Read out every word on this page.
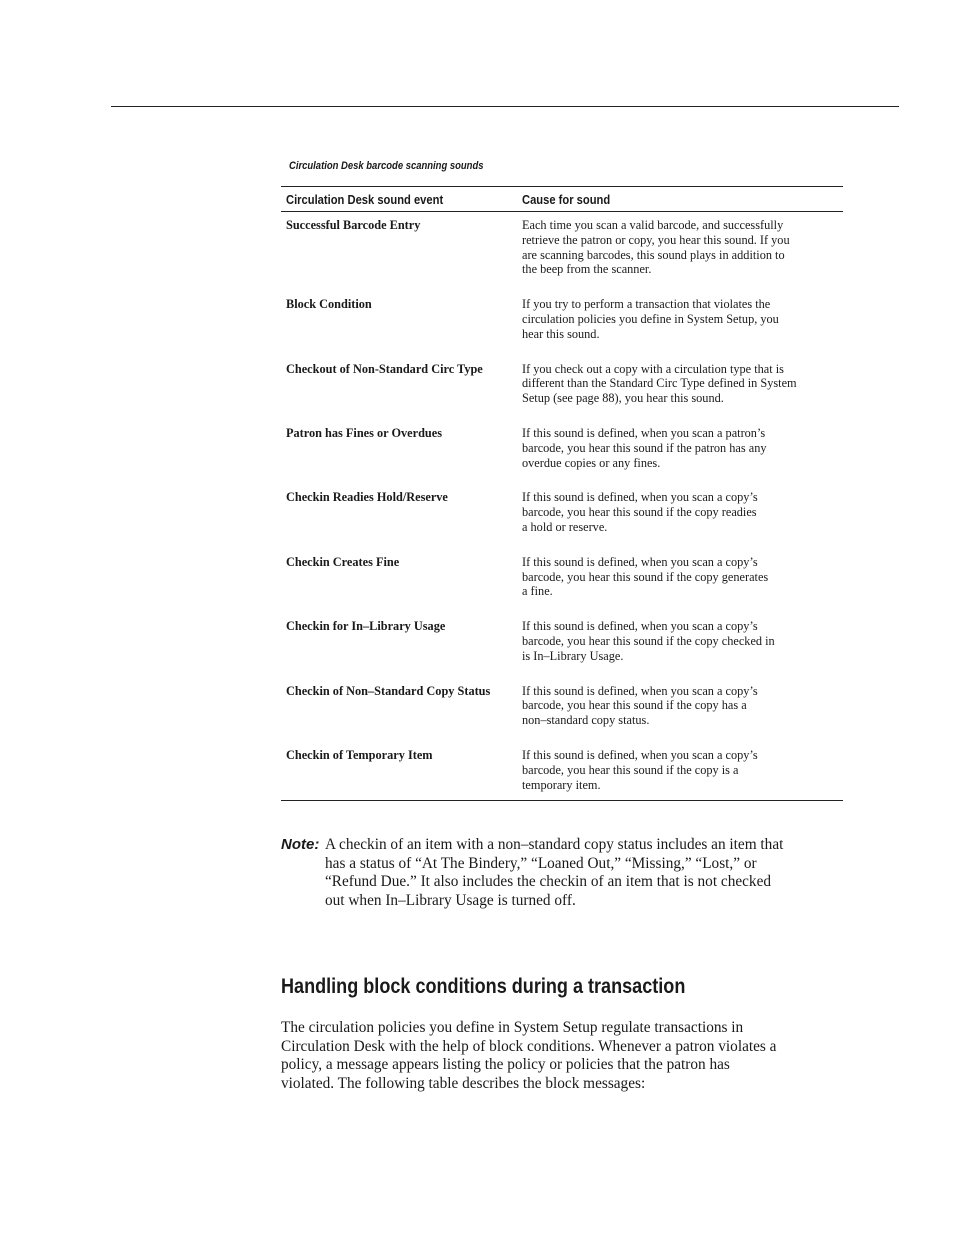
Circulation Desk barcode scanning sounds
Circulation Desk sound event	Cause for sound
Successful Barcode Entry	Each time you scan a valid barcode, and successfully
retrieve the patron or copy, you hear this sound. If you
are scanning barcodes, this sound plays in addition to
the beep from the scanner.
Block Condition	If you try to perform a transaction that violates the
circulation policies you define in System Setup, you
hear this sound.
Checkout of Non-Standard Circ Type	If you check out a copy with a circulation type that is
different than the Standard Circ Type defined in System
Setup (see page 88), you hear this sound.
Patron has Fines or Overdues	If this sound is defined, when you scan a patron’s
barcode, you hear this sound if the patron has any
overdue copies or any fines.
Checkin Readies Hold/Reserve	If this sound is defined, when you scan a copy’s
barcode, you hear this sound if the copy readies
a hold or reserve.
Checkin Creates Fine	If this sound is defined, when you scan a copy’s
barcode, you hear this sound if the copy generates
a fine.
Checkin for In–Library Usage	If this sound is defined, when you scan a copy’s
barcode, you hear this sound if the copy checked in
is In–Library Usage.
Checkin of Non–Standard Copy Status	If this sound is defined, when you scan a copy’s
barcode, you hear this sound if the copy has a
non–standard copy status.
Checkin of Temporary Item	If this sound is defined, when you scan a copy’s
barcode, you hear this sound if the copy is a
temporary item.
Note: A checkin of an item with a non–standard copy status includes an item that
has a status of “At The Bindery,” “Loaned Out,” “Missing,” “Lost,” or
“Refund Due.” It also includes the checkin of an item that is not checked
out when In–Library Usage is turned off.
Handling block conditions during a transaction

The circulation policies you define in System Setup regulate transactions in
Circulation Desk with the help of block conditions. Whenever a patron violates a
policy, a message appears listing the policy or policies that the patron has
violated. The following table describes the block messages:
